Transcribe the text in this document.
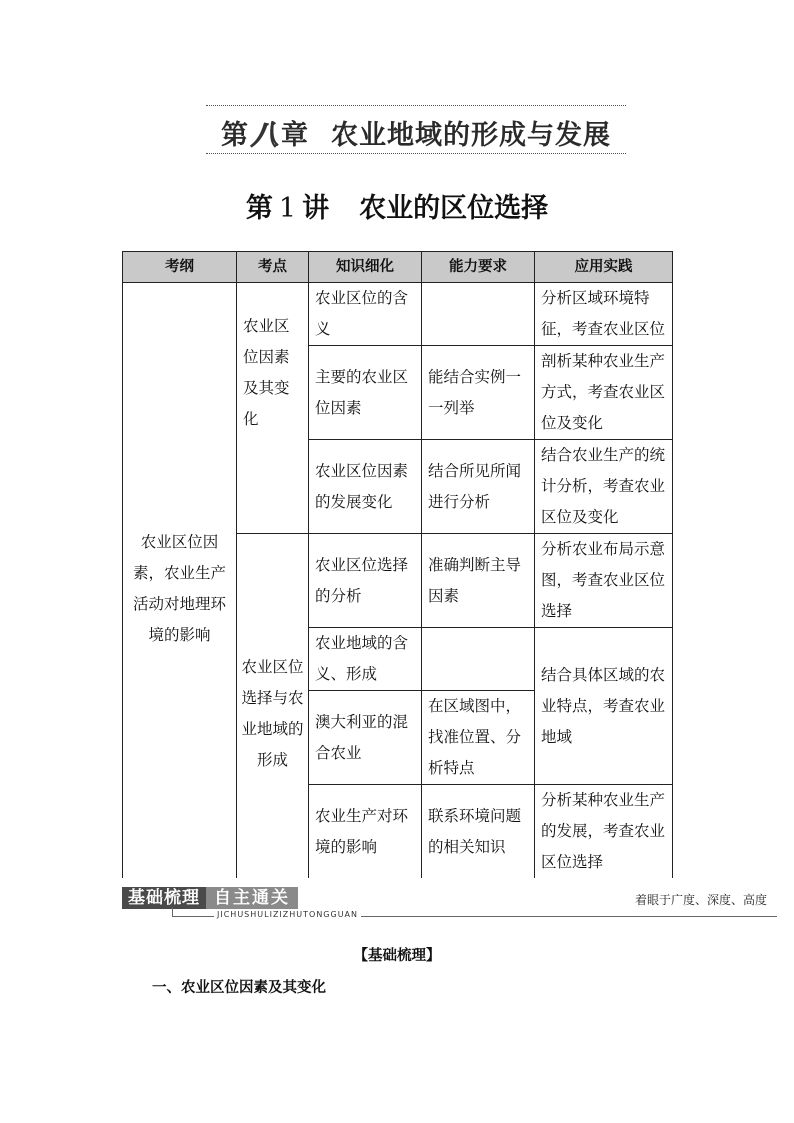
第八章 农业地域的形成与发展
第 1 讲 农业的区位选择
考纲	考点	知识细化	能力要求	应用实践
农业区位因素，农业生产活动对地理环境的影响	农业区位因素及其变化	农业区位的含义		分析区域环境特征，考查农业区位
		主要的农业区位因素	能结合实例一一列举	剖析某种农业生产方式，考查农业区位及变化
		农业区位因素的发展变化	结合所见所闻进行分析	结合农业生产的统计分析，考查农业区位及变化
	农业区位选择与农业地域的形成	农业区位选择的分析	准确判断主导因素	分析农业布局示意图，考查农业区位选择
		农业地域的含义、形成		结合具体区域的农业特点，考查农业地域
		澳大利亚的混合农业	在区域图中，找准位置、分析特点	
		农业生产对环境的影响	联系环境问题的相关知识	分析某种农业生产的发展，考查农业区位选择
基础梳理 自主通关
JICHUSHULIZIZHUTONGGUAN
着眼于广度、深度、高度
【基础梳理】
一、农业区位因素及其变化
